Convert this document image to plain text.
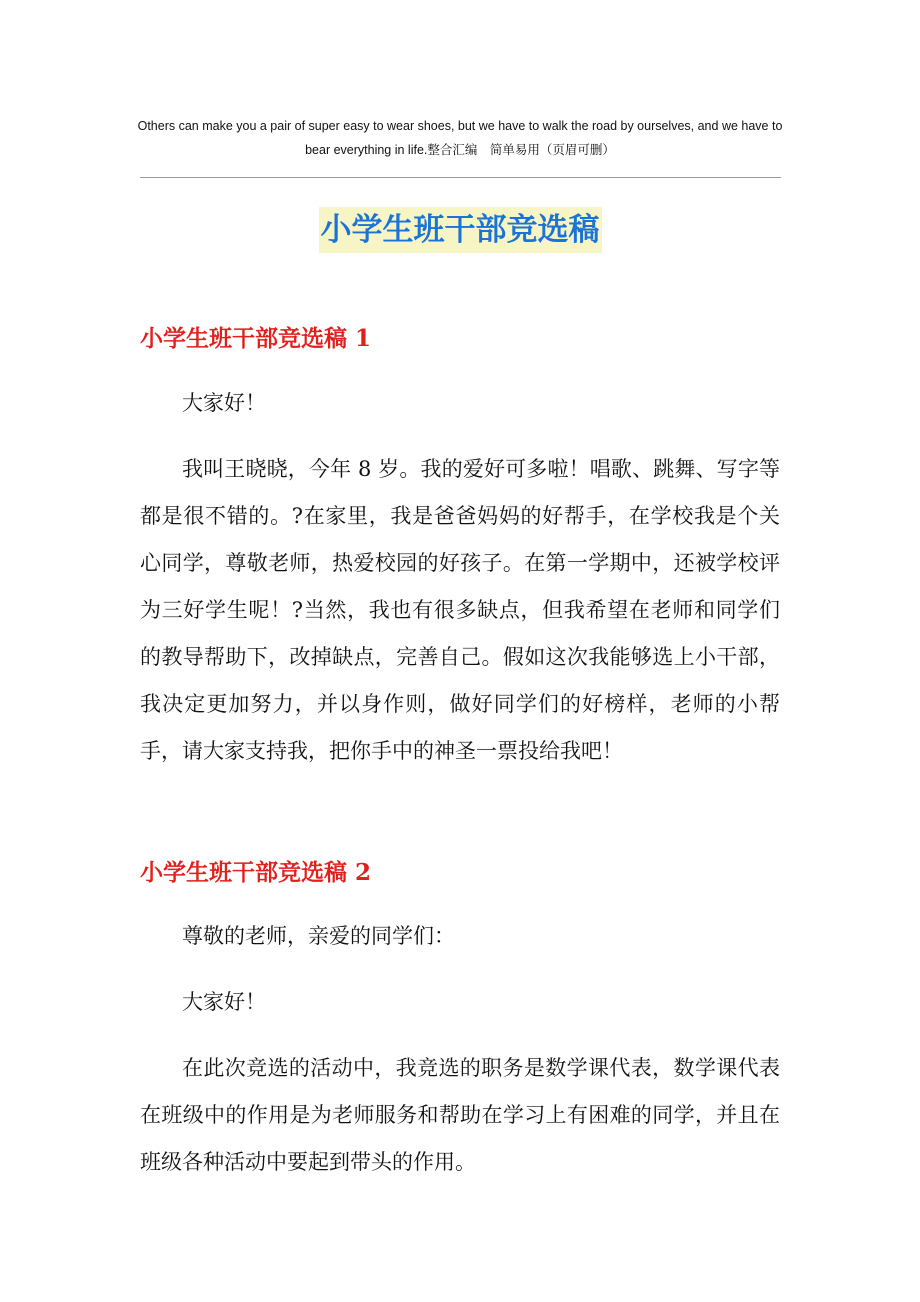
Others can make you a pair of super easy to wear shoes, but we have to walk the road by ourselves, and we have to bear everything in life.整合汇编　简单易用（页眉可删）
小学生班干部竞选稿
小学生班干部竞选稿 1
大家好！
我叫王晓晓，今年 8 岁。我的爱好可多啦！唱歌、跳舞、写字等都是很不错的。?在家里，我是爸爸妈妈的好帮手，在学校我是个关心同学，尊敬老师，热爱校园的好孩子。在第一学期中，还被学校评为三好学生呢！?当然，我也有很多缺点，但我希望在老师和同学们的教导帮助下，改掉缺点，完善自己。假如这次我能够选上小干部，我决定更加努力，并以身作则，做好同学们的好榜样，老师的小帮手，请大家支持我，把你手中的神圣一票投给我吧！
小学生班干部竞选稿 2
尊敬的老师，亲爱的同学们：
大家好！
在此次竞选的活动中，我竞选的职务是数学课代表，数学课代表在班级中的作用是为老师服务和帮助在学习上有困难的同学，并且在班级各种活动中要起到带头的作用。
